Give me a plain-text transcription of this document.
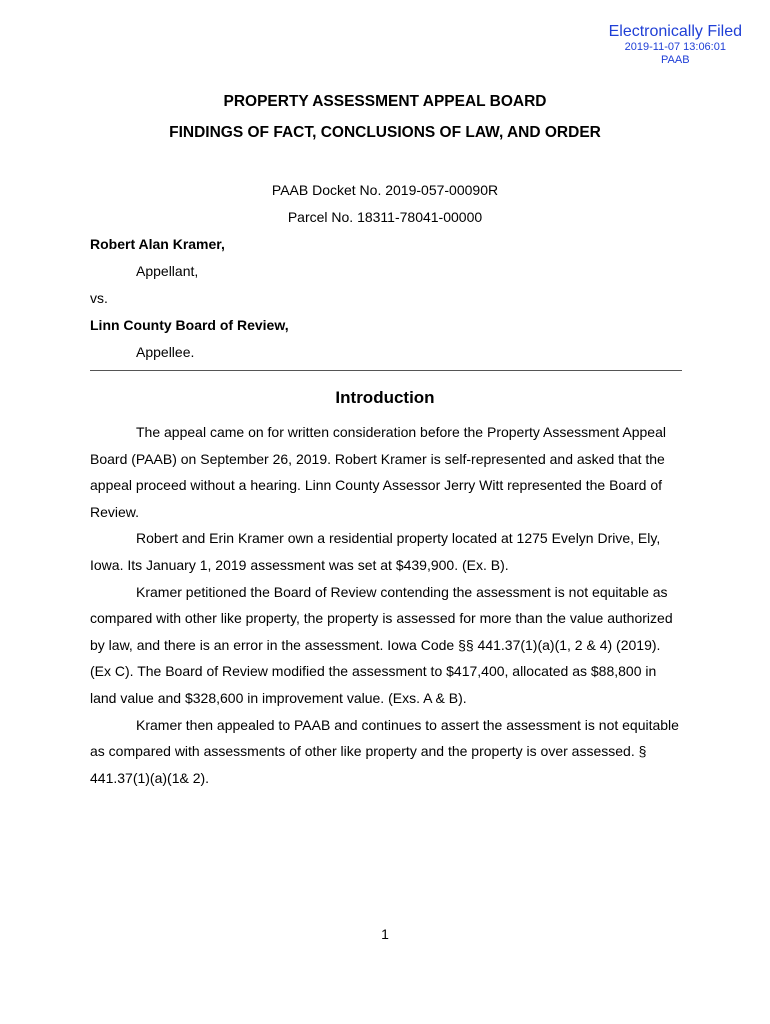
Electronically Filed
2019-11-07 13:06:01
PAAB
PROPERTY ASSESSMENT APPEAL BOARD
FINDINGS OF FACT, CONCLUSIONS OF LAW, AND ORDER
PAAB Docket No. 2019-057-00090R
Parcel No. 18311-78041-00000
Robert Alan Kramer,
Appellant,
vs.
Linn County Board of Review,
Appellee.
Introduction

The appeal came on for written consideration before the Property Assessment Appeal Board (PAAB) on September 26, 2019. Robert Kramer is self-represented and asked that the appeal proceed without a hearing. Linn County Assessor Jerry Witt represented the Board of Review.

Robert and Erin Kramer own a residential property located at 1275 Evelyn Drive, Ely, Iowa. Its January 1, 2019 assessment was set at $439,900. (Ex. B).

Kramer petitioned the Board of Review contending the assessment is not equitable as compared with other like property, the property is assessed for more than the value authorized by law, and there is an error in the assessment. Iowa Code §§ 441.37(1)(a)(1, 2 & 4) (2019). (Ex C). The Board of Review modified the assessment to $417,400, allocated as $88,800 in land value and $328,600 in improvement value. (Exs. A & B).

Kramer then appealed to PAAB and continues to assert the assessment is not equitable as compared with assessments of other like property and the property is over assessed. § 441.37(1)(a)(1& 2).

1
